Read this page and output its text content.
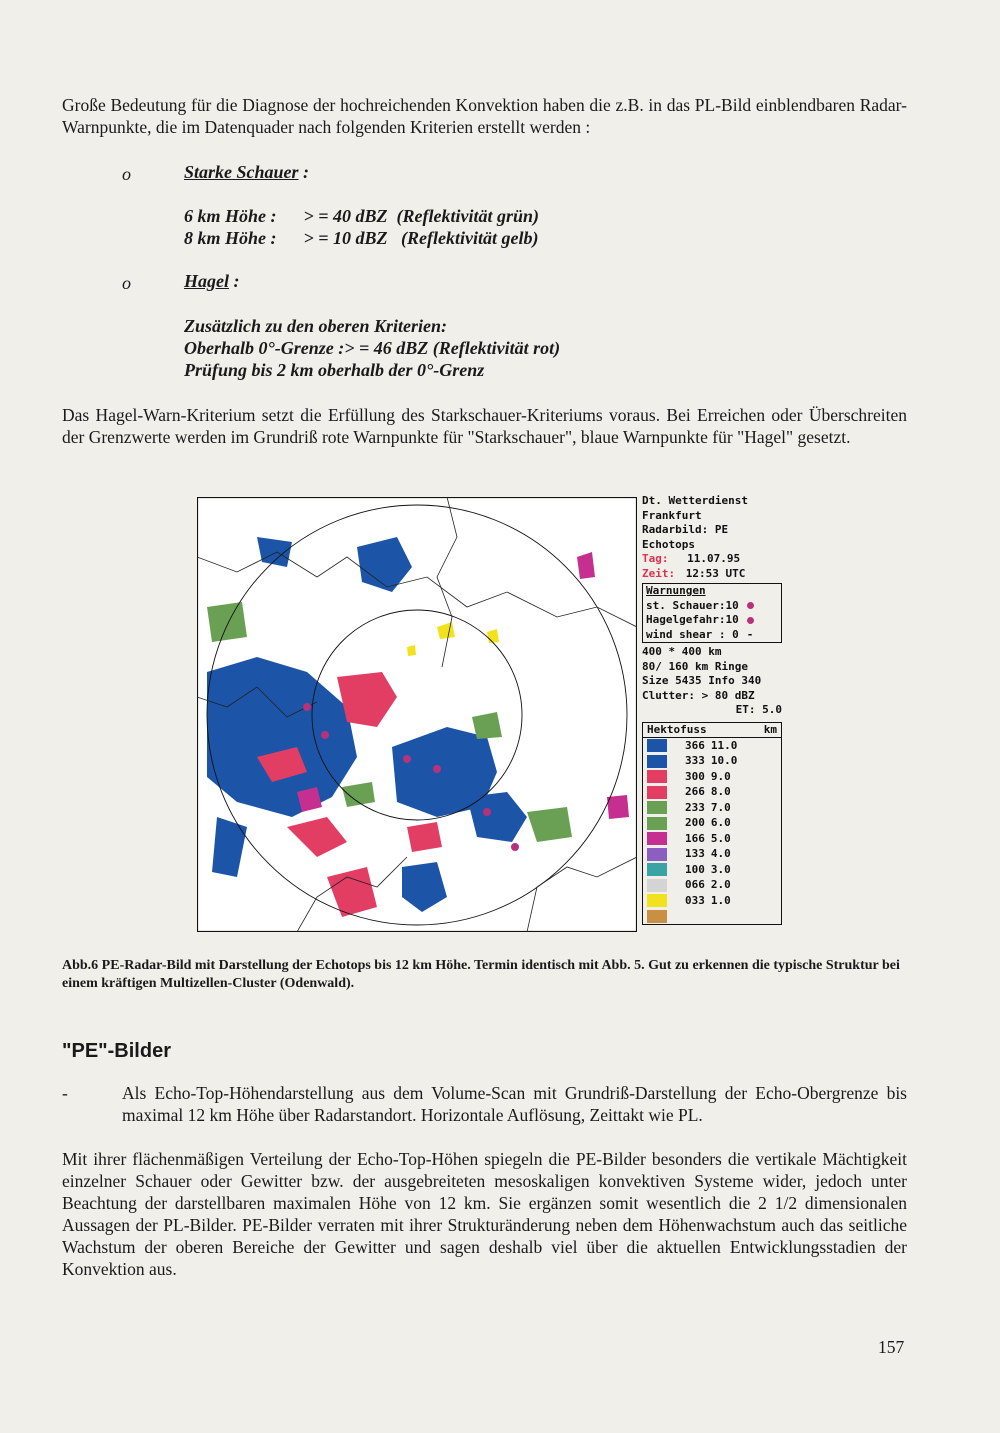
Große Bedeutung für die Diagnose der hochreichenden Konvektion haben die z.B. in das PL-Bild einblendbaren Radar-Warnpunkte, die im Datenquader nach folgenden Kriterien erstellt werden :
o	Starke Schauer :
6 km Höhe :      > = 40 dBZ  (Reflektivität grün)
8 km Höhe :      > = 10 dBZ   (Reflektivität gelb)
o	Hagel :
Zusätzlich zu den oberen Kriterien:
Oberhalb 0°-Grenze :> = 46 dBZ (Reflektivität rot)
Prüfung bis 2 km oberhalb der 0°-Grenz
Das Hagel-Warn-Kriterium setzt die Erfüllung des Starkschauer-Kriteriums voraus. Bei Erreichen oder Überschreiten der Grenzwerte werden im Grundriß rote Warnpunkte für "Starkschauer", blaue Warnpunkte für "Hagel" gesetzt.
Dt. Wetterdienst
Frankfurt
Radarbild: PE
Echotops
Tag: 11.07.95
Zeit: 12:53 UTC
Warnungen
st. Schauer:10
Hagelgefahr:10
wind shear : 0 -
400 * 400 km
80/ 160 km Ringe
Size 5435 Info 340
Clutter: > 80 dBZ
ET: 5.0
Hektofuss	km
366 11.0
333 10.0
300 9.0
266 8.0
233 7.0
200 6.0
166 5.0
133 4.0
100 3.0
066 2.0
033 1.0
Abb.6 PE-Radar-Bild mit Darstellung der Echotops bis 12 km Höhe. Termin identisch mit Abb. 5. Gut zu erkennen die typische Struktur bei einem kräftigen Multizellen-Cluster (Odenwald).
"PE"-Bilder
-	Als Echo-Top-Höhendarstellung aus dem Volume-Scan mit Grundriß-Darstellung der Echo-Obergrenze bis maximal 12 km Höhe über Radarstandort. Horizontale Auflösung, Zeittakt wie PL.
Mit ihrer flächenmäßigen Verteilung der Echo-Top-Höhen spiegeln die PE-Bilder besonders die vertikale Mächtigkeit einzelner Schauer oder Gewitter bzw. der ausgebreiteten mesoskaligen konvektiven Systeme wider, jedoch unter Beachtung der darstellbaren maximalen Höhe von 12 km. Sie ergänzen somit wesentlich die 2 1/2 dimensionalen Aussagen der PL-Bilder. PE-Bilder verraten mit ihrer Strukturänderung neben dem Höhenwachstum auch das seitliche Wachstum der oberen Bereiche der Gewitter und sagen deshalb viel über die aktuellen Entwicklungsstadien der Konvektion aus.
157
